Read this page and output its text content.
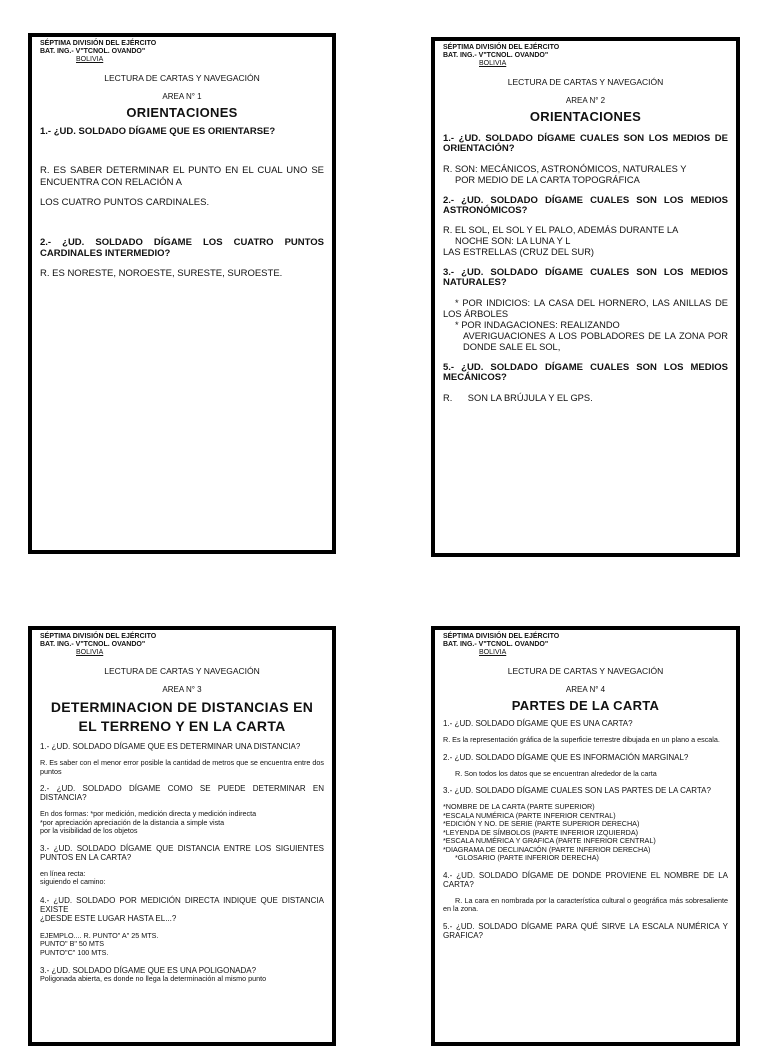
SÉPTIMA DIVISIÓN DEL EJÉRCITO
BAT. ING.- V"TCNOL. OVANDO"
BOLIVIA
LECTURA DE CARTAS Y NAVEGACIÓN
AREA N° 1
ORIENTACIONES

1.- ¿UD. SOLDADO DÍGAME QUE ES ORIENTARSE?

R. ES SABER DETERMINAR EL PUNTO EN EL CUAL UNO SE ENCUENTRA CON RELACIÓN A

LOS CUATRO PUNTOS CARDINALES.

2.- ¿UD. SOLDADO DÍGAME LOS CUATRO PUNTOS CARDINALES INTERMEDIO?

R. ES NORESTE, NOROESTE, SURESTE, SUROESTE.

SÉPTIMA DIVISIÓN DEL EJÉRCITO
BAT. ING.- V"TCNOL. OVANDO"
BOLIVIA
LECTURA DE CARTAS Y NAVEGACIÓN
AREA N° 2
ORIENTACIONES

1.- ¿UD. SOLDADO DÍGAME CUALES SON LOS MEDIOS DE ORIENTACIÓN?

R. SON: MECÁNICOS, ASTRONÓMICOS, NATURALES Y

POR MEDIO DE LA CARTA TOPOGRÁFICA

2.- ¿UD. SOLDADO DÍGAME CUALES SON LOS MEDIOS ASTRONÓMICOS?

R. EL SOL, EL SOL Y EL PALO, ADEMÁS DURANTE LA

NOCHE SON: LA LUNA Y L

LAS ESTRELLAS (CRUZ DEL SUR)

3.- ¿UD. SOLDADO DÍGAME CUALES SON LOS MEDIOS NATURALES?

* POR INDICIOS: LA CASA DEL HORNERO, LAS ANILLAS DE LOS ÁRBOLES

* POR INDAGACIONES: REALIZANDO

AVERIGUACIONES A LOS POBLADORES DE LA ZONA POR DONDE SALE EL SOL,

5.- ¿UD. SOLDADO DÍGAME CUALES SON LOS MEDIOS MECÁNICOS?

R.      SON LA BRÚJULA Y EL GPS.

SÉPTIMA DIVISIÓN DEL EJÉRCITO
BAT. ING.- V"TCNOL. OVANDO"
BOLIVIA
LECTURA DE CARTAS Y NAVEGACIÓN
AREA N° 3
DETERMINACION DE DISTANCIAS EN EL TERRENO Y EN LA CARTA

1.- ¿UD. SOLDADO DÍGAME QUE ES DETERMINAR UNA DISTANCIA?

R. Es saber con el menor error posible la cantidad de metros que se encuentra entre dos puntos

2.- ¿UD. SOLDADO DÍGAME COMO SE PUEDE DETERMINAR EN DISTANCIA?

En dos formas: *por medición, medición directa y medición indirecta

*por apreciación apreciación de la distancia a simple vista

por la visibilidad de los objetos

3.- ¿UD. SOLDADO DÍGAME QUE DISTANCIA ENTRE LOS SIGUIENTES PUNTOS EN LA CARTA?

en línea recta:

siguiendo el camino:

4.- ¿UD. SOLDADO POR MEDICIÓN DIRECTA INDIQUE QUE DISTANCIA EXISTE

¿DESDE ESTE LUGAR HASTA EL...?

EJEMPLO.... R. PUNTO" A" 25 MTS.

PUNTO" B" 50 MTS

PUNTO"C" 100 MTS.

3.- ¿UD. SOLDADO DÍGAME QUE ES UNA POLIGONADA?

Poligonada abierta, es donde no llega la determinación al mismo punto

SÉPTIMA DIVISIÓN DEL EJÉRCITO
BAT. ING.- V"TCNOL. OVANDO"
BOLIVIA
LECTURA DE CARTAS Y NAVEGACIÓN
AREA N° 4
PARTES DE LA CARTA

1.- ¿UD. SOLDADO DÍGAME QUE ES UNA CARTA?

R. Es la representación gráfica de la superficie terrestre dibujada en un plano a escala.

2.- ¿UD. SOLDADO DÍGAME QUE ES INFORMACIÓN MARGINAL?

R. Son todos los datos que se encuentran alrededor de la carta

3.- ¿UD. SOLDADO DÍGAME CUALES SON LAS PARTES DE LA CARTA?

*NOMBRE DE LA CARTA (PARTE SUPERIOR)

*ESCALA NUMÉRICA (PARTE INFERIOR CENTRAL)

*EDICIÓN Y NO. DE SERIE (PARTE SUPERIOR DERECHA)

*LEYENDA DE SÍMBOLOS (PARTE INFERIOR IZQUIERDA)

*ESCALA NUMÉRICA Y GRAFICA (PARTE INFERIOR CENTRAL)

*DIAGRAMA DE DECLINACIÓN (PARTE INFERIOR DERECHA)

*GLOSARIO (PARTE INFERIOR DERECHA)

4.- ¿UD. SOLDADO DÍGAME DE DONDE PROVIENE EL NOMBRE DE LA CARTA?

R. La cara en nombrada por la característica cultural o geográfica más sobresaliente en la zona.

5.- ¿UD. SOLDADO DÍGAME PARA QUÉ SIRVE LA ESCALA NUMÉRICA Y GRAFICA?
